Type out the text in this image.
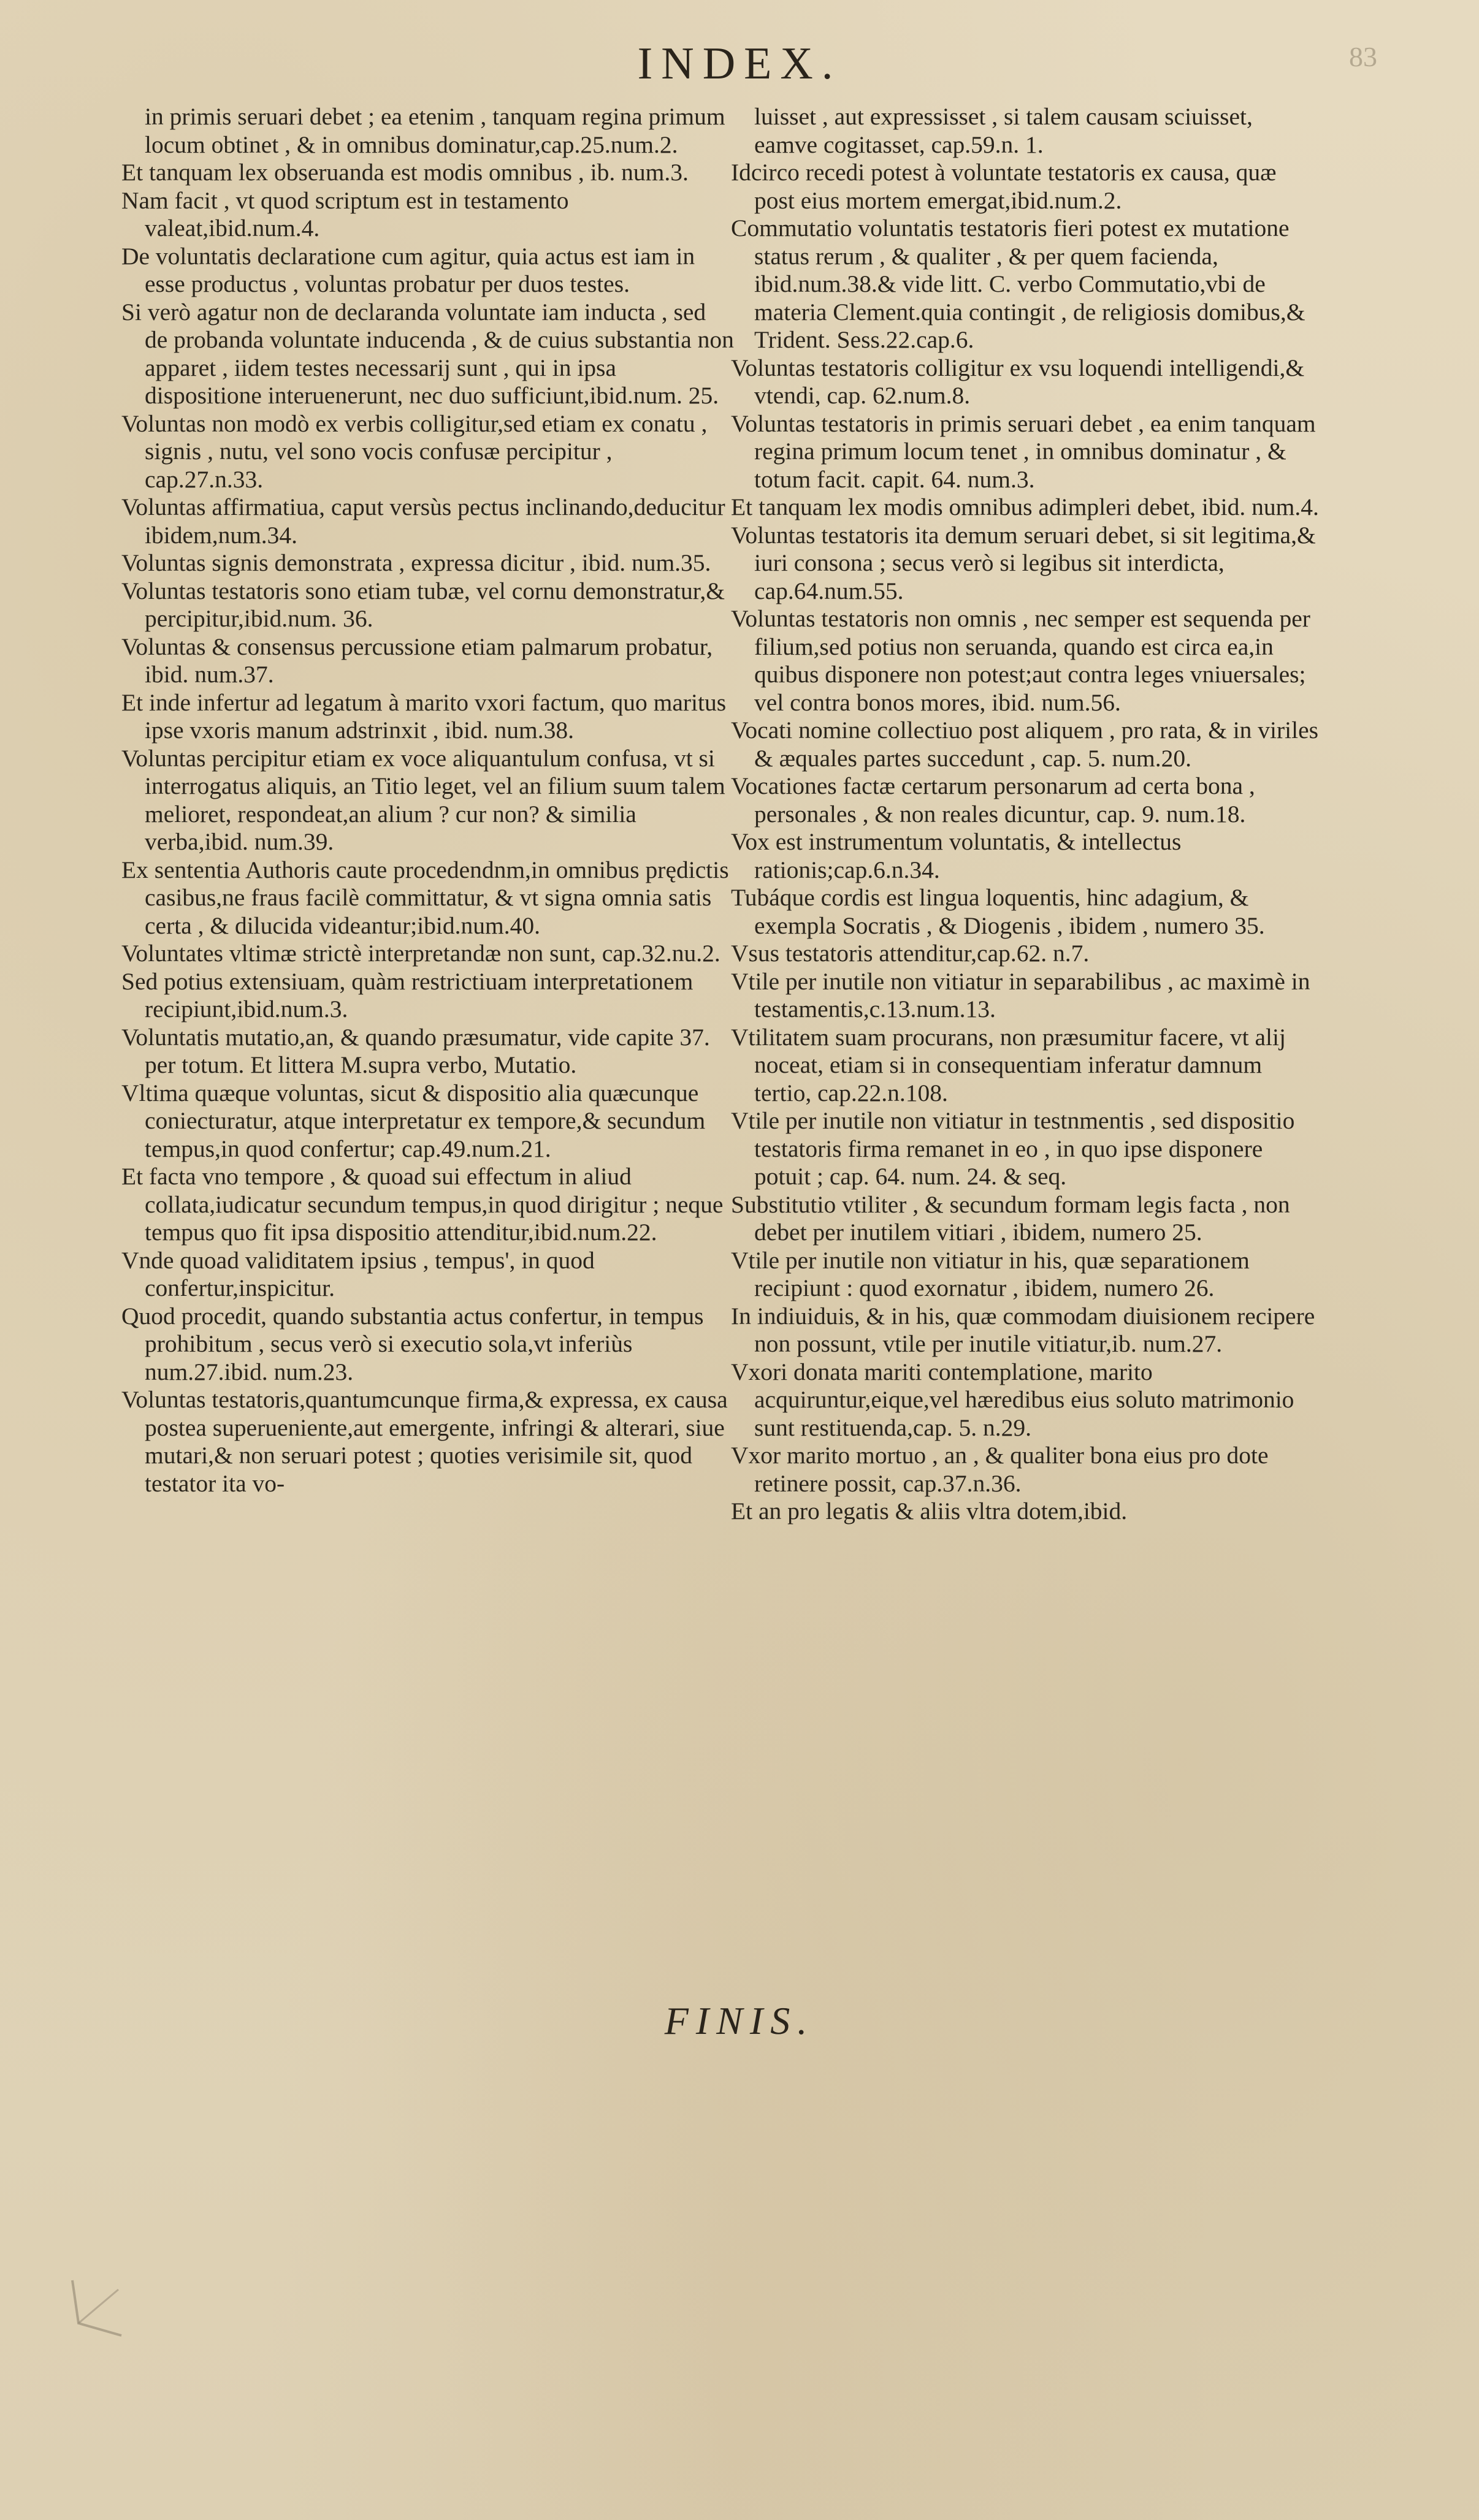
INDEX.	83
in primis seruari debet ; ea etenim , tanquam regina primum locum obtinet , & in omnibus dominatur,cap.25.num.2.
Et tanquam lex obseruanda est modis omnibus , ib. num.3.
Nam facit , vt quod scriptum est in testamento valeat,ibid.num.4.
De voluntatis declaratione cum agitur, quia actus est iam in esse productus , voluntas probatur per duos testes.
Si verò agatur non de declaranda voluntate iam inducta , sed de probanda voluntate inducenda , & de cuius substantia non apparet , iidem testes necessarij sunt , qui in ipsa dispositione interuenerunt, nec duo sufficiunt,ibid.num. 25.
Voluntas non modò ex verbis colligitur,sed etiam ex conatu , signis , nutu, vel sono vocis confusæ percipitur , cap.27.n.33.
Voluntas affirmatiua, caput versùs pectus inclinando,deducitur ibidem,num.34.
Voluntas signis demonstrata , expressa dicitur , ibid. num.35.
Voluntas testatoris sono etiam tubæ, vel cornu demonstratur,& percipitur,ibid.num. 36.
Voluntas & consensus percussione etiam palmarum probatur, ibid. num.37.
Et inde infertur ad legatum à marito vxori factum, quo maritus ipse vxoris manum adstrinxit , ibid. num.38.
Voluntas percipitur etiam ex voce aliquantulum confusa, vt si interrogatus aliquis, an Titio leget, vel an filium suum talem melioret, respondeat,an alium ? cur non? & similia verba,ibid. num.39.
Ex sententia Authoris caute procedendnm,in omnibus prędictis casibus,ne fraus facilè committatur, & vt signa omnia satis certa , & dilucida videantur;ibid.num.40.
Voluntates vltimæ strictè interpretandæ non sunt, cap.32.nu.2.
Sed potius extensiuam, quàm restrictiuam interpretationem recipiunt,ibid.num.3.
Voluntatis mutatio,an, & quando præsumatur, vide capite 37. per totum. Et littera M.supra verbo, Mutatio.
Vltima quæque voluntas, sicut & dispositio alia quæcunque coniecturatur, atque interpretatur ex tempore,& secundum tempus,in quod confertur; cap.49.num.21.
Et facta vno tempore , & quoad sui effectum in aliud collata,iudicatur secundum tempus,in quod dirigitur ; neque tempus quo fit ipsa dispositio attenditur,ibid.num.22.
Vnde quoad validitatem ipsius , tempus', in quod confertur,inspicitur.
Quod procedit, quando substantia actus confertur, in tempus prohibitum , secus verò si executio sola,vt inferiùs num.27.ibid. num.23.
Voluntas testatoris,quantumcunque firma,& expressa, ex causa postea superueniente,aut emergente, infringi & alterari, siue mutari,& non seruari potest ; quoties verisimile sit, quod testator ita vo-
luisset , aut expressisset , si talem causam sciuisset, eamve cogitasset, cap.59.n. 1.
Idcirco recedi potest à voluntate testatoris ex causa, quæ post eius mortem emergat,ibid.num.2.
Commutatio voluntatis testatoris fieri potest ex mutatione status rerum , & qualiter , & per quem facienda, ibid.num.38.& vide litt. C. verbo Commutatio,vbi de materia Clement.quia contingit , de religiosis domibus,& Trident. Sess.22.cap.6.
Voluntas testatoris colligitur ex vsu loquendi intelligendi,& vtendi, cap. 62.num.8.
Voluntas testatoris in primis seruari debet , ea enim tanquam regina primum locum tenet , in omnibus dominatur , & totum facit. capit. 64. num.3.
Et tanquam lex modis omnibus adimpleri debet, ibid. num.4.
Voluntas testatoris ita demum seruari debet, si sit legitima,& iuri consona ; secus verò si legibus sit interdicta, cap.64.num.55.
Voluntas testatoris non omnis , nec semper est sequenda per filium,sed potius non seruanda, quando est circa ea,in quibus disponere non potest;aut contra leges vniuersales; vel contra bonos mores, ibid. num.56.
Vocati nomine collectiuo post aliquem , pro rata, & in viriles & æquales partes succedunt , cap. 5. num.20.
Vocationes factæ certarum personarum ad certa bona , personales , & non reales dicuntur, cap. 9. num.18.
Vox est instrumentum voluntatis, & intellectus rationis;cap.6.n.34.
Tubáque cordis est lingua loquentis, hinc adagium, & exempla Socratis , & Diogenis , ibidem , numero 35.
Vsus testatoris attenditur,cap.62. n.7.
Vtile per inutile non vitiatur in separabilibus , ac maximè in testamentis,c.13.num.13.
Vtilitatem suam procurans, non præsumitur facere, vt alij noceat, etiam si in consequentiam inferatur damnum tertio, cap.22.n.108.
Vtile per inutile non vitiatur in testnmentis , sed dispositio testatoris firma remanet in eo , in quo ipse disponere potuit ; cap. 64. num. 24. & seq.
Substitutio vtiliter , & secundum formam legis facta , non debet per inutilem vitiari , ibidem, numero 25.
Vtile per inutile non vitiatur in his, quæ separationem recipiunt : quod exornatur , ibidem, numero 26.
In indiuiduis, & in his, quæ commodam diuisionem recipere non possunt, vtile per inutile vitiatur,ib. num.27.
Vxori donata mariti contemplatione, marito acquiruntur,eique,vel hæredibus eius soluto matrimonio sunt restituenda,cap. 5. n.29.
Vxor marito mortuo , an , & qualiter bona eius pro dote retinere possit, cap.37.n.36.
Et an pro legatis & aliis vltra dotem,ibid.
FINIS.
